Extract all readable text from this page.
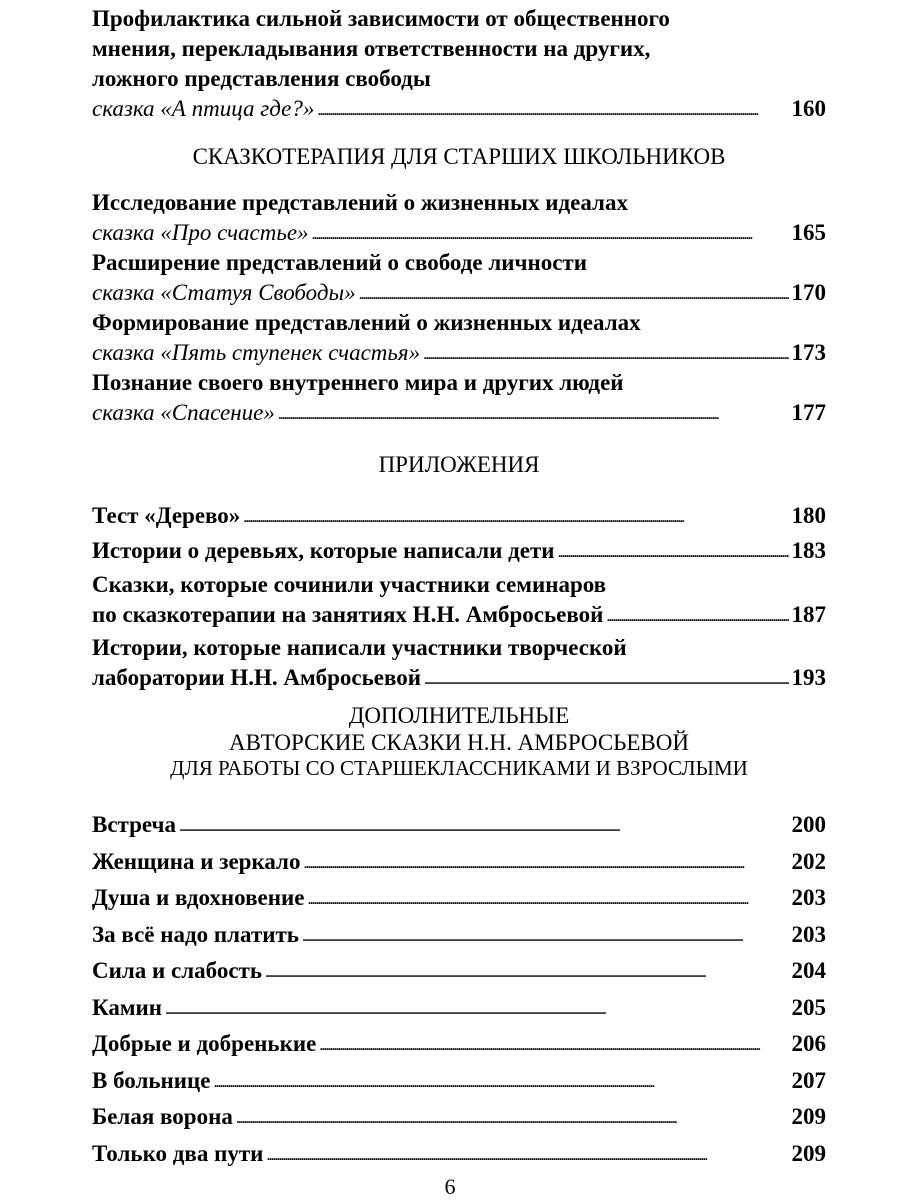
Профилактика сильной зависимости от общественного
мнения, перекладывания ответственности на других,
ложного представления свободы
сказка «А птица где?» . . .	160
СКАЗКОТЕРАПИЯ ДЛЯ СТАРШИХ ШКОЛЬНИКОВ
Исследование представлений о жизненных идеалах
сказка «Про счастье» . . .	165
Расширение представлений о свободе личности
сказка «Статуя Свободы» . . .	170
Формирование представлений о жизненных идеалах
сказка «Пять ступенек счастья» . . .	173
Познание своего внутреннего мира и других людей
сказка «Спасение» . . .	177
ПРИЛОЖЕНИЯ
Тест «Дерево» . . .	180
Истории о деревьях, которые написали дети . . .	183
Сказки, которые сочинили участники семинаров
по сказкотерапии на занятиях Н.Н. Амбросьевой . . .	187
Истории, которые написали участники творческой
лаборатории Н.Н. Амбросьевой . . .	193
ДОПОЛНИТЕЛЬНЫЕ
АВТОРСКИЕ СКАЗКИ Н.Н. АМБРОСЬЕВОЙ
ДЛЯ РАБОТЫ СО СТАРШЕКЛАССНИКАМИ И ВЗРОСЛЫМИ
Встреча . . .	200
Женщина и зеркало . . .	202
Душа и вдохновение . . .	203
За всё надо платить . . .	203
Сила и слабость . . .	204
Камин . . .	205
Добрые и добренькие . . .	206
В больнице . . .	207
Белая ворона . . .	209
Только два пути . . .	209
6
